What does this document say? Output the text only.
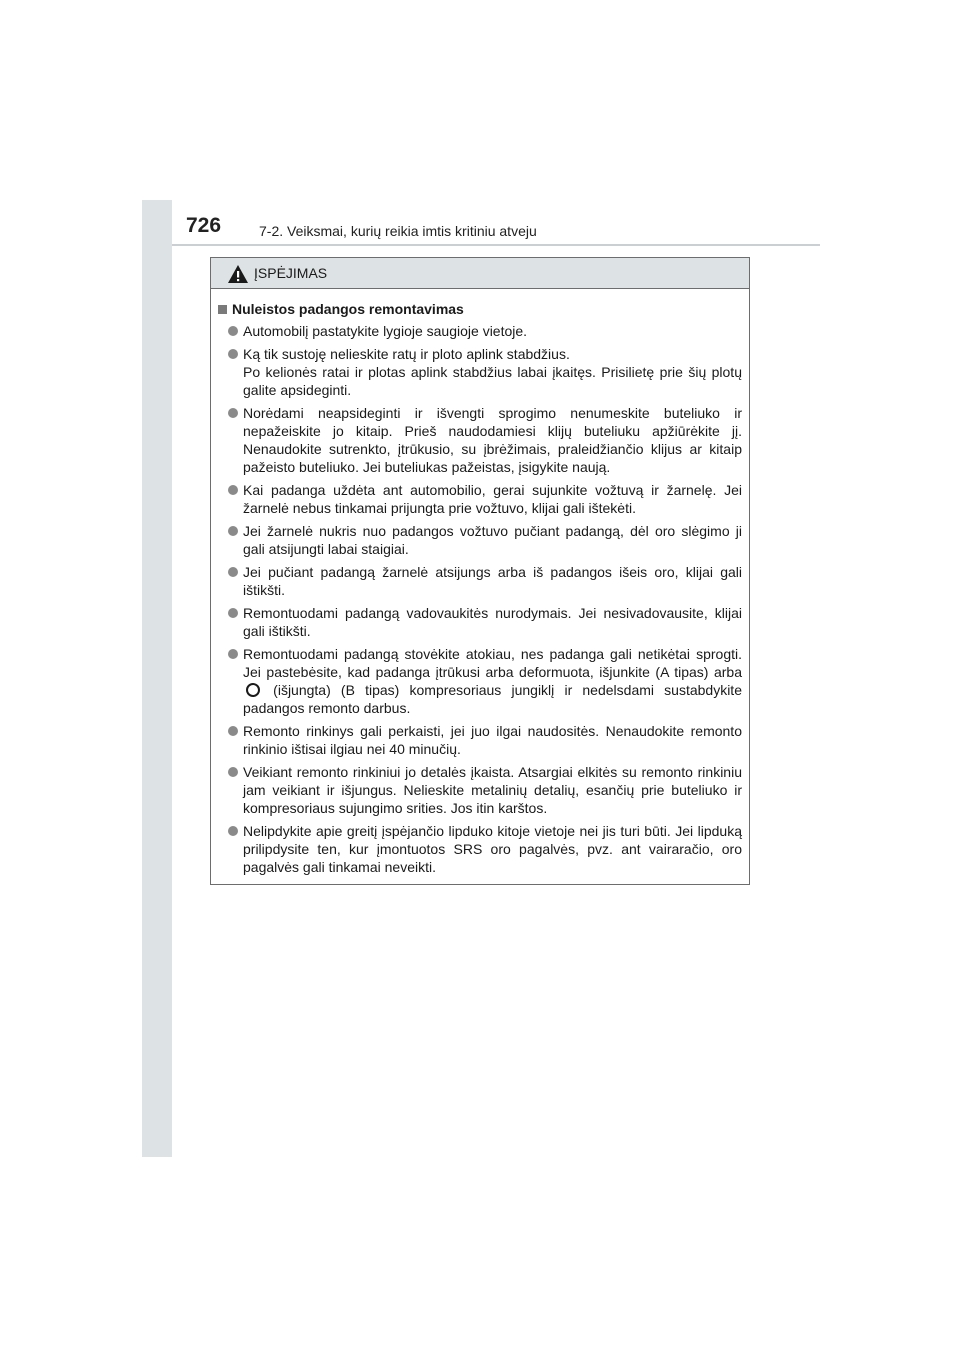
726	7-2. Veiksmai, kurių reikia imtis kritiniu atveju
ĮSPĖJIMAS
Nuleistos padangos remontavimas
Automobilį pastatykite lygioje saugioje vietoje.
Ką tik sustoję nelieskite ratų ir ploto aplink stabdžius.
Po kelionės ratai ir plotas aplink stabdžius labai įkaitęs. Prisilietę prie šių plotų galite apsideginti.
Norėdami neapsideginti ir išvengti sprogimo nenumeskite buteliuko ir nepažeiskite jo kitaip. Prieš naudodamiesi klijų buteliuku apžiūrėkite jį. Nenaudokite sutrenkto, įtrūkusio, su įbrėžimais, praleidžiančio klijus ar kitaip pažeisto buteliuko. Jei buteliukas pažeistas, įsigykite naują.
Kai padanga uždėta ant automobilio, gerai sujunkite vožtuvą ir žarnelę. Jei žarnelė nebus tinkamai prijungta prie vožtuvo, klijai gali ištekėti.
Jei žarnelė nukris nuo padangos vožtuvo pučiant padangą, dėl oro slėgimo ji gali atsijungti labai staigiai.
Jei pučiant padangą žarnelė atsijungs arba iš padangos išeis oro, klijai gali ištikšti.
Remontuodami padangą vadovaukitės nurodymais. Jei nesivadovausite, klijai gali ištikšti.
Remontuodami padangą stovėkite atokiau, nes padanga gali netikėtai sprogti. Jei pastebėsite, kad padanga įtrūkusi arba deformuota, išjunkite (A tipas) arba  (išjungta) (B tipas) kompresoriaus jungiklį ir nedelsdami sustabdykite padangos remonto darbus.
Remonto rinkinys gali perkaisti, jei juo ilgai naudositės. Nenaudokite remonto rinkinio ištisai ilgiau nei 40 minučių.
Veikiant remonto rinkiniui jo detalės įkaista. Atsargiai elkitės su remonto rinkiniu jam veikiant ir išjungus. Nelieskite metalinių detalių, esančių prie buteliuko ir kompresoriaus sujungimo srities. Jos itin karštos.
Nelipdykite apie greitį įspėjančio lipduko kitoje vietoje nei jis turi būti. Jei lipduką prilipdysite ten, kur įmontuotos SRS oro pagalvės, pvz. ant vairaračio, oro pagalvės gali tinkamai neveikti.
